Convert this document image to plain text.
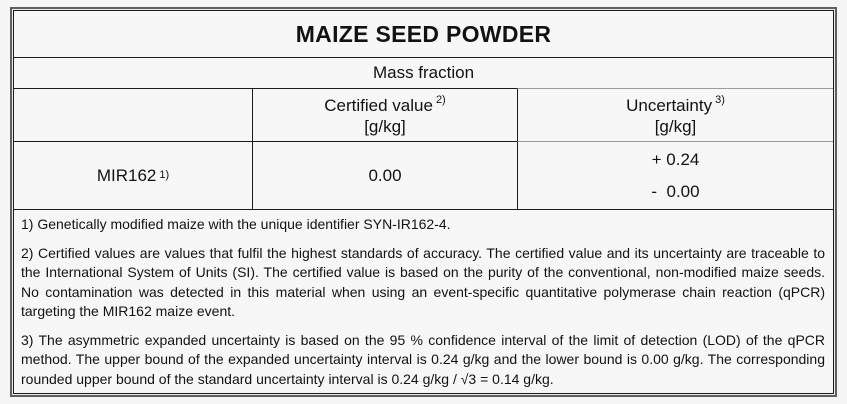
MAIZE SEED POWDER
Mass fraction
Certified value $^{2)}$
[g/kg]
Uncertainty $^{3)}$
[g/kg]
MIR162 $^{1)}$	0.00
+ 0.24
-  0.00

1) Genetically modified maize with the unique identifier SYN-IR162-4.

2) Certified values are values that fulfil the highest standards of accuracy. The certified value and its uncertainty are traceable to the International System of Units (SI). The certified value is based on the purity of the conventional, non-modified maize seeds. No contamination was detected in this material when using an event-specific quantitative polymerase chain reaction (qPCR) targeting the MIR162 maize event.

3) The asymmetric expanded uncertainty is based on the 95 % confidence interval of the limit of detection (LOD) of the qPCR method. The upper bound of the expanded uncertainty interval is 0.24 g/kg and the lower bound is 0.00 g/kg. The corresponding rounded upper bound of the standard uncertainty interval is 0.24 g/kg / √3 = 0.14 g/kg.
